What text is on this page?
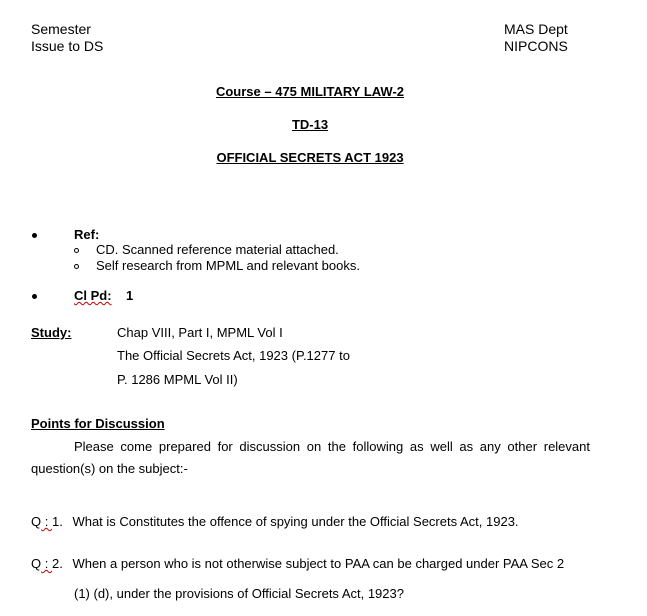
Semester
Issue to DS
MAS Dept
NIPCONS
Course – 475 MILITARY LAW-2
TD-13
OFFICIAL SECRETS ACT 1923
Ref:
CD. Scanned reference material attached.
Self research from MPML and relevant books.
Cl Pd: 1
Study:	Chap VIII, Part I, MPML Vol I
The Official Secrets Act, 1923 (P.1277 to
P. 1286 MPML Vol II)
Points for Discussion
Please come prepared for discussion on the following as well as any other relevant question(s) on the subject:-
Q : 1. What is Constitutes the offence of spying under the Official Secrets Act, 1923.
Q : 2. When a person who is not otherwise subject to PAA can be charged under PAA Sec 2
(1) (d), under the provisions of Official Secrets Act, 1923?
